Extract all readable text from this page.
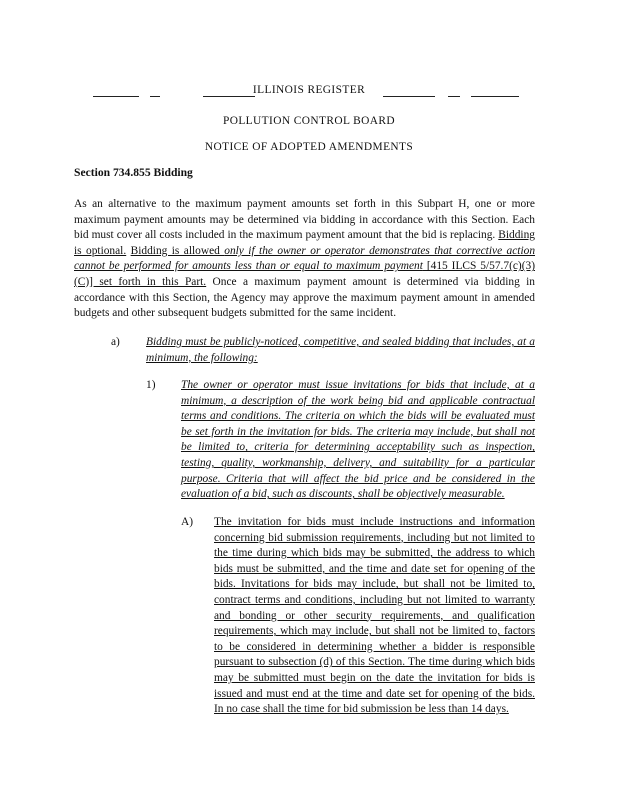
ILLINOIS REGISTER
POLLUTION CONTROL BOARD
NOTICE OF ADOPTED AMENDMENTS
Section 734.855 Bidding
As an alternative to the maximum payment amounts set forth in this Subpart H, one or more maximum payment amounts may be determined via bidding in accordance with this Section. Each bid must cover all costs included in the maximum payment amount that the bid is replacing. Bidding is optional. Bidding is allowed only if the owner or operator demonstrates that corrective action cannot be performed for amounts less than or equal to maximum payment [415 ILCS 5/57.7(c)(3)(C)] set forth in this Part. Once a maximum payment amount is determined via bidding in accordance with this Section, the Agency may approve the maximum payment amount in amended budgets and other subsequent budgets submitted for the same incident.
a) Bidding must be publicly-noticed, competitive, and sealed bidding that includes, at a minimum, the following:
1) The owner or operator must issue invitations for bids that include, at a minimum, a description of the work being bid and applicable contractual terms and conditions. The criteria on which the bids will be evaluated must be set forth in the invitation for bids. The criteria may include, but shall not be limited to, criteria for determining acceptability such as inspection, testing, quality, workmanship, delivery, and suitability for a particular purpose. Criteria that will affect the bid price and be considered in the evaluation of a bid, such as discounts, shall be objectively measurable.
A) The invitation for bids must include instructions and information concerning bid submission requirements, including but not limited to the time during which bids may be submitted, the address to which bids must be submitted, and the time and date set for opening of the bids. Invitations for bids may include, but shall not be limited to, contract terms and conditions, including but not limited to warranty and bonding or other security requirements, and qualification requirements, which may include, but shall not be limited to, factors to be considered in determining whether a bidder is responsible pursuant to subsection (d) of this Section. The time during which bids may be submitted must begin on the date the invitation for bids is issued and must end at the time and date set for opening of the bids. In no case shall the time for bid submission be less than 14 days.
